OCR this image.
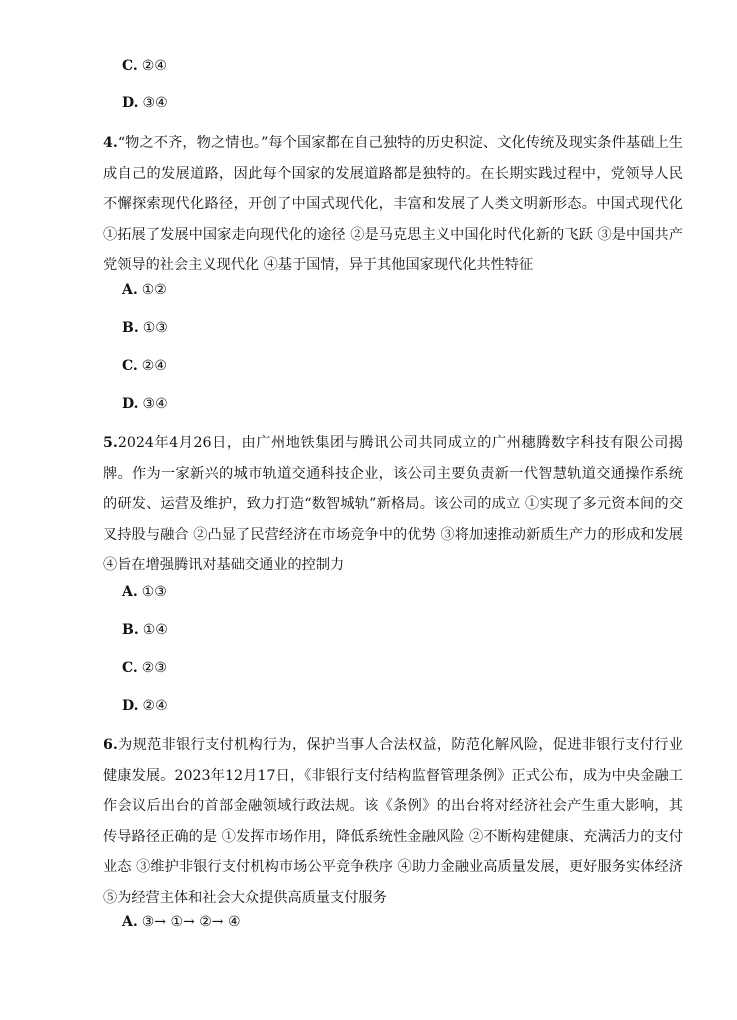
C. ②④
D. ③④
4.“物之不齐，物之情也。”每个国家都在自己独特的历史积淀、文化传统及现实条件基础上生成自己的发展道路，因此每个国家的发展道路都是独特的。在长期实践过程中，党领导人民不懈探索现代化路径，开创了中国式现代化，丰富和发展了人类文明新形态。中国式现代化 ①拓展了发展中国家走向现代化的途径 ②是马克思主义中国化时代化新的飞跃 ③是中国共产党领导的社会主义现代化 ④基于国情，异于其他国家现代化共性特征
A. ①②
B. ①③
C. ②④
D. ③④
5.2024年4月26日，由广州地铁集团与腾讯公司共同成立的广州穗腾数字科技有限公司揭牌。作为一家新兴的城市轨道交通科技企业，该公司主要负责新一代智慧轨道交通操作系统的研发、运营及维护，致力打造“数智城轨”新格局。该公司的成立 ①实现了多元资本间的交叉持股与融合 ②凸显了民营经济在市场竞争中的优势 ③将加速推动新质生产力的形成和发展 ④旨在增强腾讯对基础交通业的控制力
A. ①③
B. ①④
C. ②③
D. ②④
6.为规范非银行支付机构行为，保护当事人合法权益，防范化解风险，促进非银行支付行业健康发展。2023年12月17日，《非银行支付结构监督管理条例》正式公布，成为中央金融工作会议后出台的首部金融领域行政法规。该《条例》的出台将对经济社会产生重大影响，其传导路径正确的是 ①发挥市场作用，降低系统性金融风险 ②不断构建健康、充满活力的支付业态 ③维护非银行支付机构市场公平竞争秩序 ④助力金融业高质量发展，更好服务实体经济 ⑤为经营主体和社会大众提供高质量支付服务
A. ③→ ①→ ②→ ④
